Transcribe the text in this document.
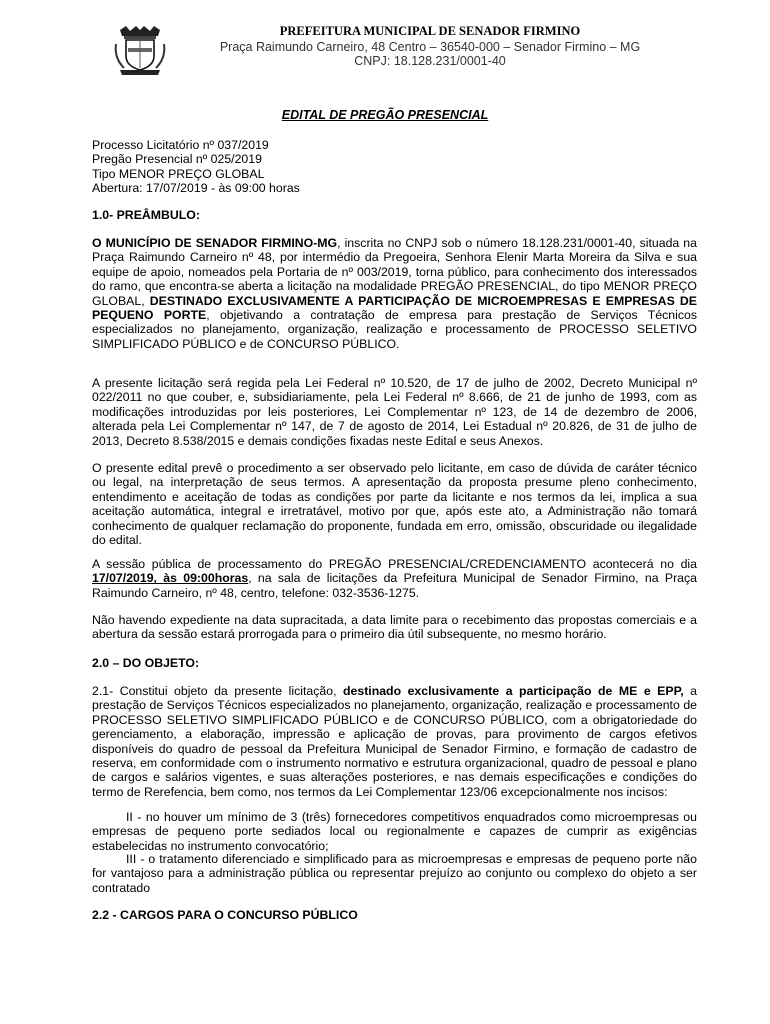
PREFEITURA MUNICIPAL DE SENADOR FIRMINO
Praça Raimundo Carneiro, 48 Centro – 36540-000 – Senador Firmino – MG
CNPJ: 18.128.231/0001-40
EDITAL DE PREGÃO PRESENCIAL
Processo Licitatório nº 037/2019
Pregão Presencial nº 025/2019
Tipo MENOR PREÇO GLOBAL
Abertura: 17/07/2019 - às 09:00 horas
1.0- PREÂMBULO:
O MUNICÍPIO DE SENADOR FIRMINO-MG, inscrita no CNPJ sob o número 18.128.231/0001-40, situada na Praça Raimundo Carneiro nº 48, por intermédio da Pregoeira, Senhora Elenir Marta Moreira da Silva e sua equipe de apoio, nomeados pela Portaria de nº 003/2019, torna público, para conhecimento dos interessados do ramo, que encontra-se aberta a licitação na modalidade PREGÃO PRESENCIAL, do tipo MENOR PREÇO GLOBAL, DESTINADO EXCLUSIVAMENTE A PARTICIPAÇÃO DE MICROEMPRESAS E EMPRESAS DE PEQUENO PORTE, objetivando a contratação de empresa para prestação de Serviços Técnicos especializados no planejamento, organização, realização e processamento de PROCESSO SELETIVO SIMPLIFICADO PÚBLICO e de CONCURSO PÚBLICO.
A presente licitação será regida pela Lei Federal nº 10.520, de 17 de julho de 2002, Decreto Municipal nº 022/2011 no que couber, e, subsidiariamente, pela Lei Federal nº 8.666, de 21 de junho de 1993, com as modificações introduzidas por leis posteriores, Lei Complementar nº 123, de 14 de dezembro de 2006, alterada pela Lei Complementar nº 147, de 7 de agosto de 2014, Lei Estadual nº 20.826, de 31 de julho de 2013, Decreto 8.538/2015 e demais condições fixadas neste Edital e seus Anexos.
O presente edital prevê o procedimento a ser observado pelo licitante, em caso de dúvida de caráter técnico ou legal, na interpretação de seus termos. A apresentação da proposta presume pleno conhecimento, entendimento e aceitação de todas as condições por parte da licitante e nos termos da lei, implica a sua aceitação automática, integral e irretratável, motivo por que, após este ato, a Administração não tomará conhecimento de qualquer reclamação do proponente, fundada em erro, omissão, obscuridade ou ilegalidade do edital.
A sessão pública de processamento do PREGÃO PRESENCIAL/CREDENCIAMENTO acontecerá no dia 17/07/2019, às 09:00horas, na sala de licitações da Prefeitura Municipal de Senador Firmino, na Praça Raimundo Carneiro, nº 48, centro, telefone: 032-3536-1275.
Não havendo expediente na data supracitada, a data limite para o recebimento das propostas comerciais e a abertura da sessão estará prorrogada para o primeiro dia útil subsequente, no mesmo horário.
2.0 – DO OBJETO:
2.1- Constitui objeto da presente licitação, destinado exclusivamente a participação de ME e EPP, a prestação de Serviços Técnicos especializados no planejamento, organização, realização e processamento de PROCESSO SELETIVO SIMPLIFICADO PÚBLICO e de CONCURSO PÚBLICO, com a obrigatoriedade do gerenciamento, a elaboração, impressão e aplicação de provas, para provimento de cargos efetivos disponíveis do quadro de pessoal da Prefeitura Municipal de Senador Firmino, e formação de cadastro de reserva, em conformidade com o instrumento normativo e estrutura organizacional, quadro de pessoal e plano de cargos e salários vigentes, e suas alterações posteriores, e nas demais especificações e condições do termo de Rerefencia, bem como, nos termos da Lei Complementar 123/06 excepcionalmente nos incisos:
II - no houver um mínimo de 3 (três) fornecedores competitivos enquadrados como microempresas ou empresas de pequeno porte sediados local ou regionalmente e capazes de cumprir as exigências estabelecidas no instrumento convocatório;
III - o tratamento diferenciado e simplificado para as microempresas e empresas de pequeno porte não for vantajoso para a administração pública ou representar prejuízo ao conjunto ou complexo do objeto a ser contratado
2.2 - CARGOS PARA O CONCURSO PÚBLICO
